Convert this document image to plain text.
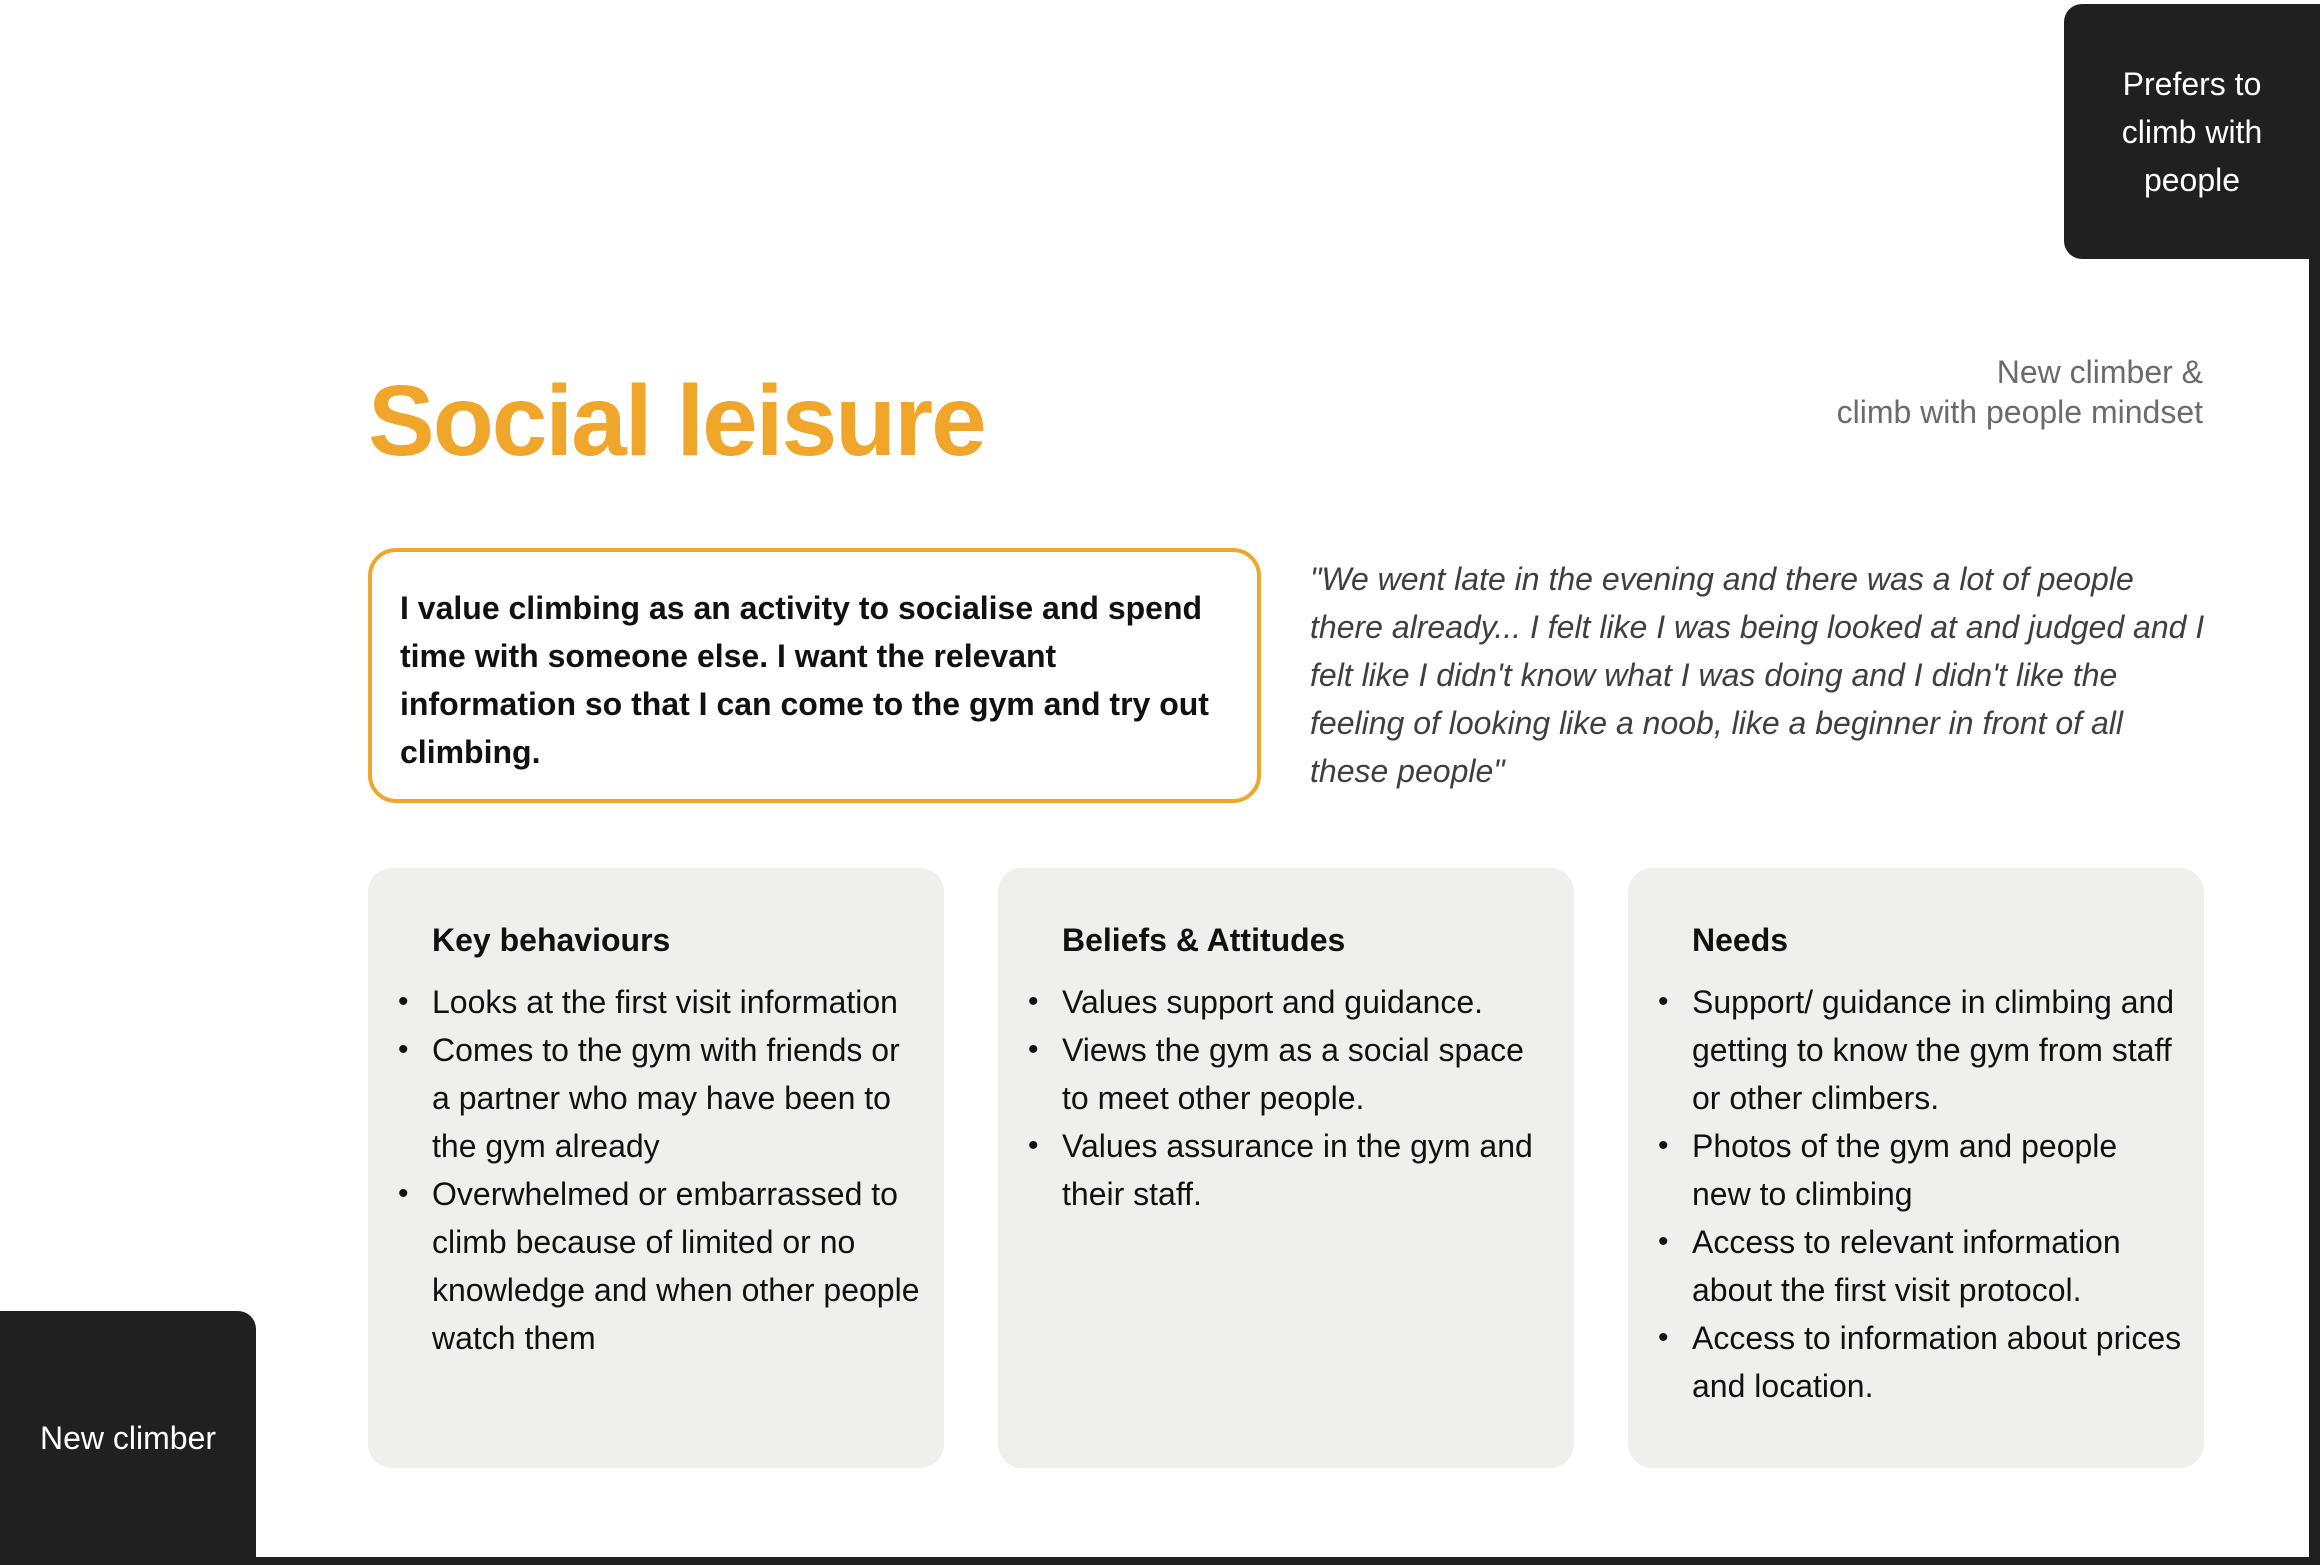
Prefers to climb with people
New climber
Social leisure	New climber &
climb with people mindset
I value climbing as an activity to socialise and spend time with someone else. I want the relevant information so that I can come to the gym and try out climbing.
"We went late in the evening and there was a lot of people there already... I felt like I was being looked at and judged and I felt like I didn't know what I was doing and I didn't like the feeling of looking like a noob, like a beginner in front of all these people"
Key behaviours
• Looks at the first visit information
• Comes to the gym with friends or a partner who may have been to the gym already
• Overwhelmed or embarrassed to climb because of limited or no knowledge and when other people watch them
Beliefs & Attitudes
• Values support and guidance.
• Views the gym as a social space to meet other people.
• Values assurance in the gym and their staff.
Needs
• Support/ guidance in climbing and getting to know the gym from staff or other climbers.
• Photos of the gym and people new to climbing
• Access to relevant information about the first visit protocol.
• Access to information about prices and location.
